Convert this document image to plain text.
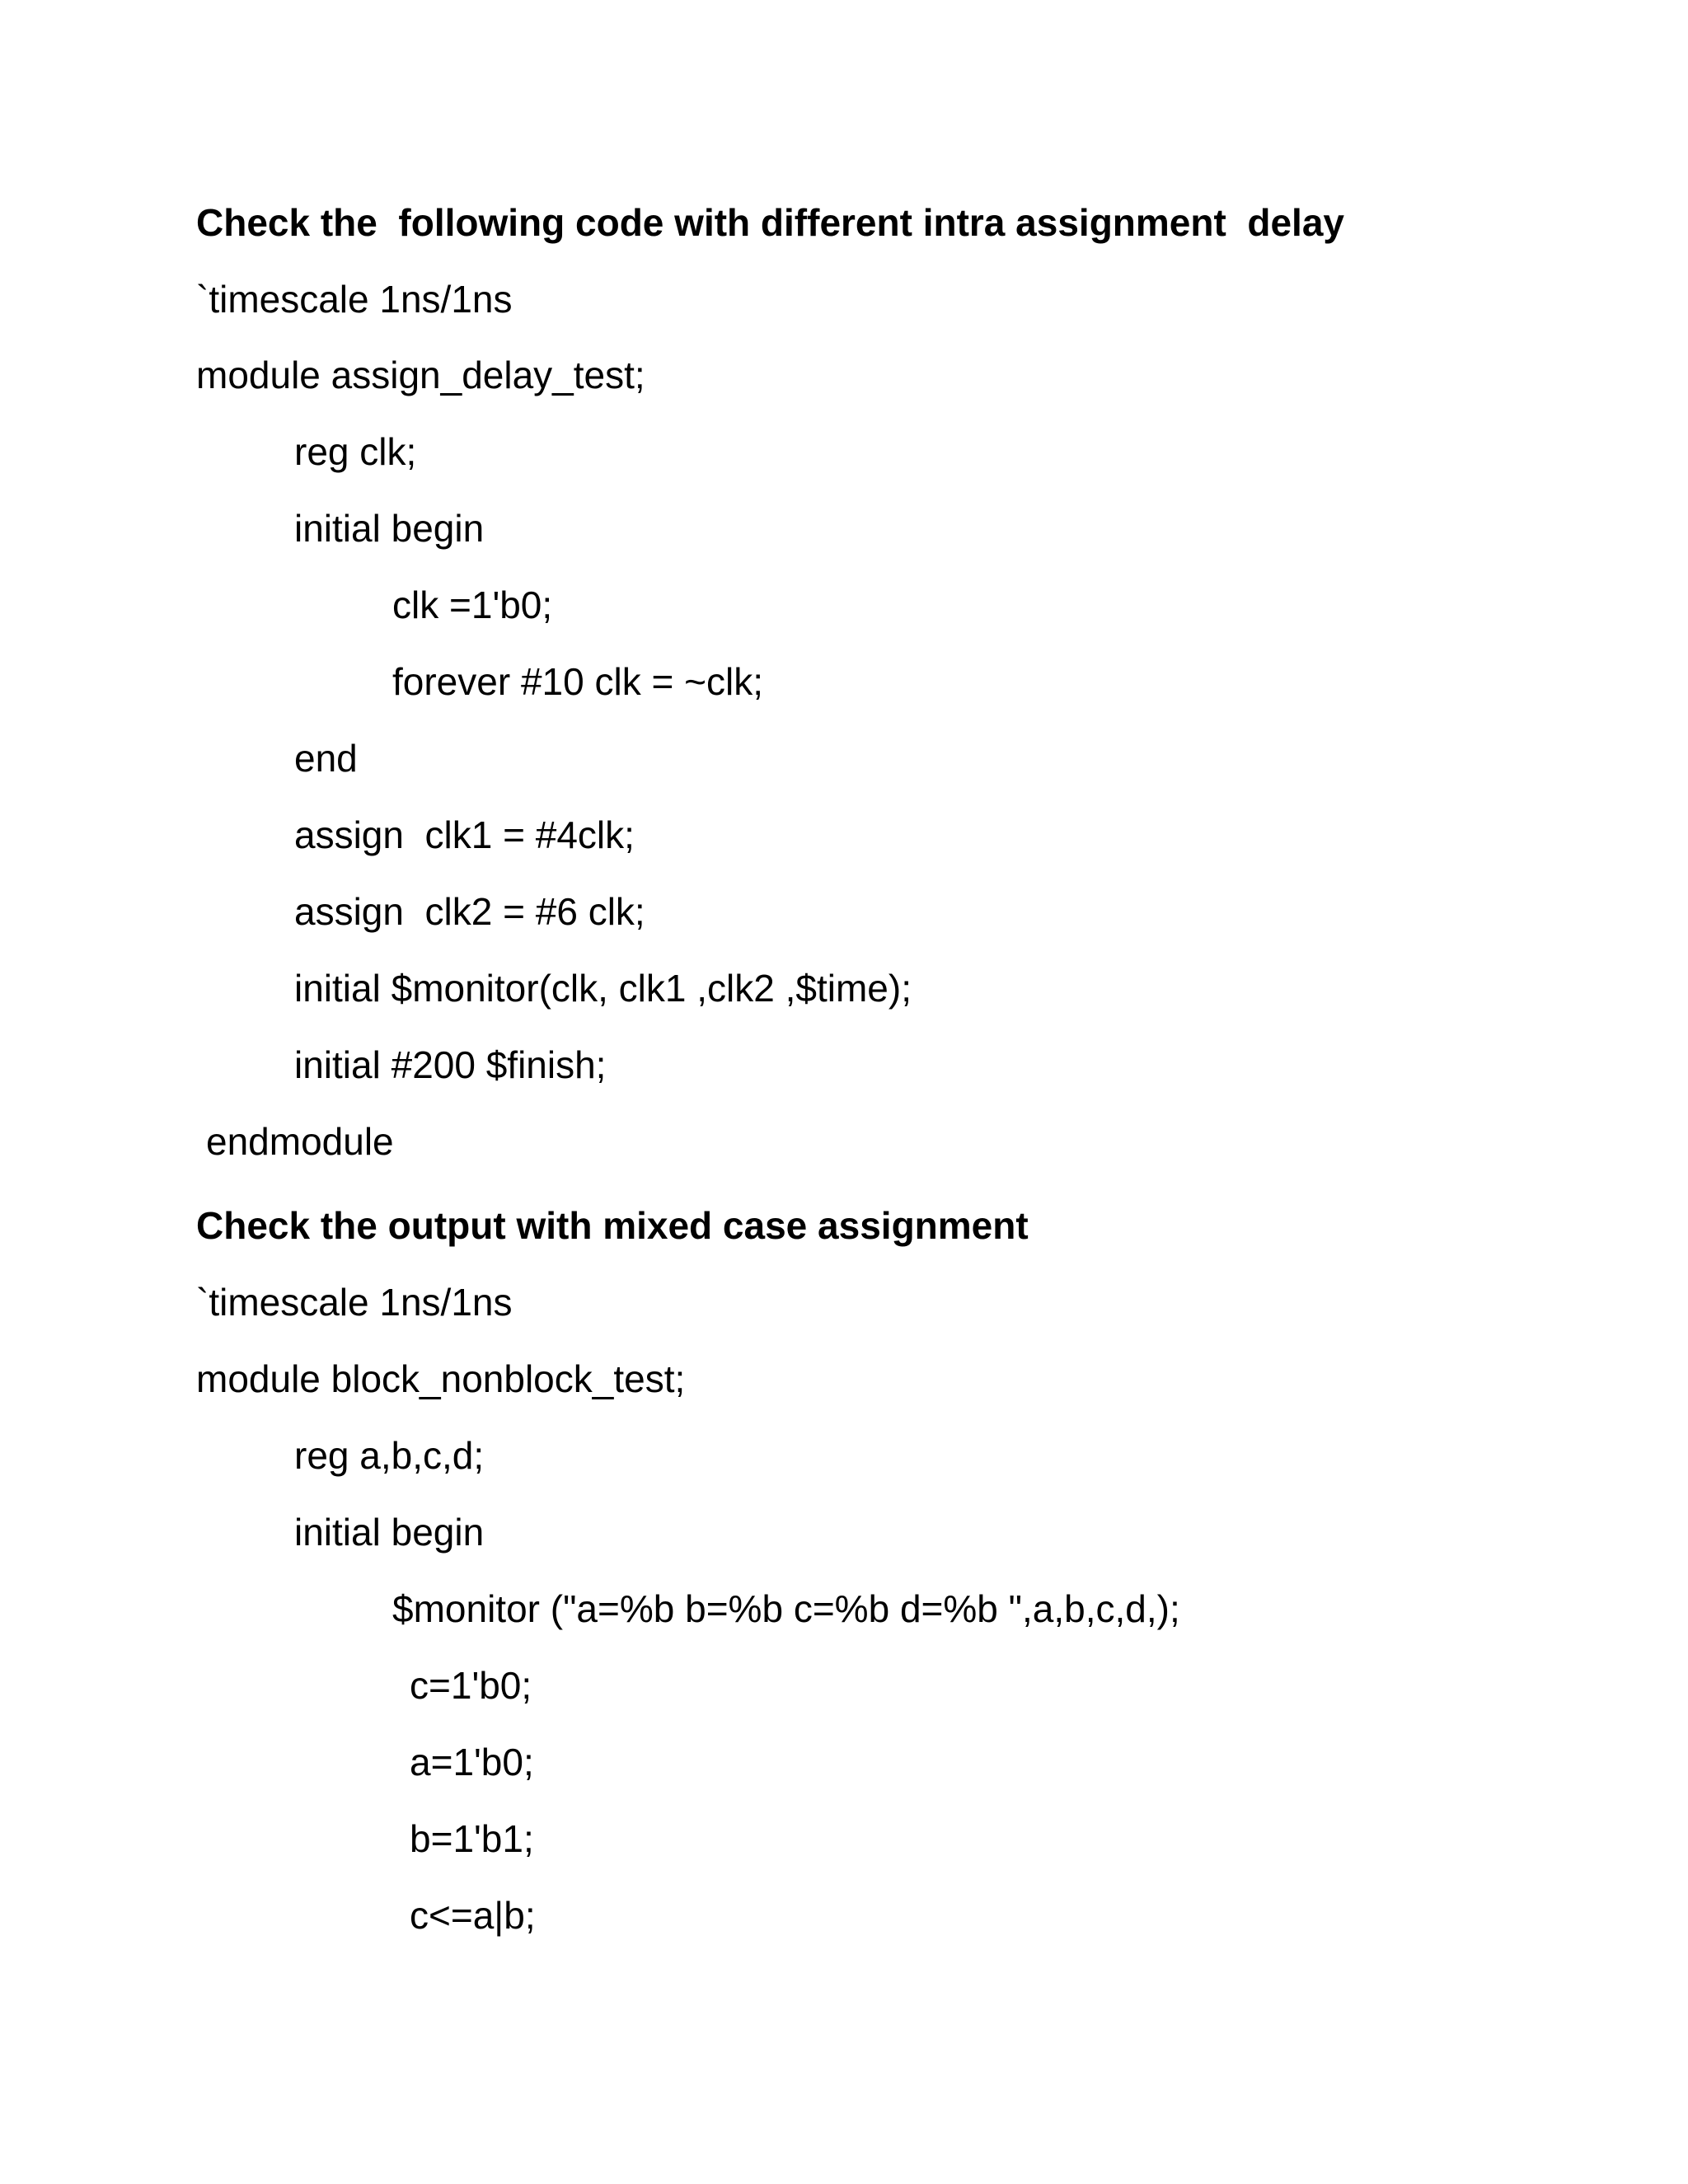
Check the  following code with different intra assignment  delay
`timescale 1ns/1ns
module assign_delay_test;
reg clk;
initial begin
clk =1'b0;
forever #10 clk = ~clk;
end
assign  clk1 = #4clk;
assign  clk2 = #6 clk;
initial $monitor(clk, clk1 ,clk2 ,$time);
initial #200 $finish;
endmodule
Check the output with mixed case assignment
`timescale 1ns/1ns
module block_nonblock_test;
reg a,b,c,d;
initial begin
$monitor ("a=%b b=%b c=%b d=%b ",a,b,c,d,);
c=1'b0;
a=1'b0;
b=1'b1;
c<=a|b;
